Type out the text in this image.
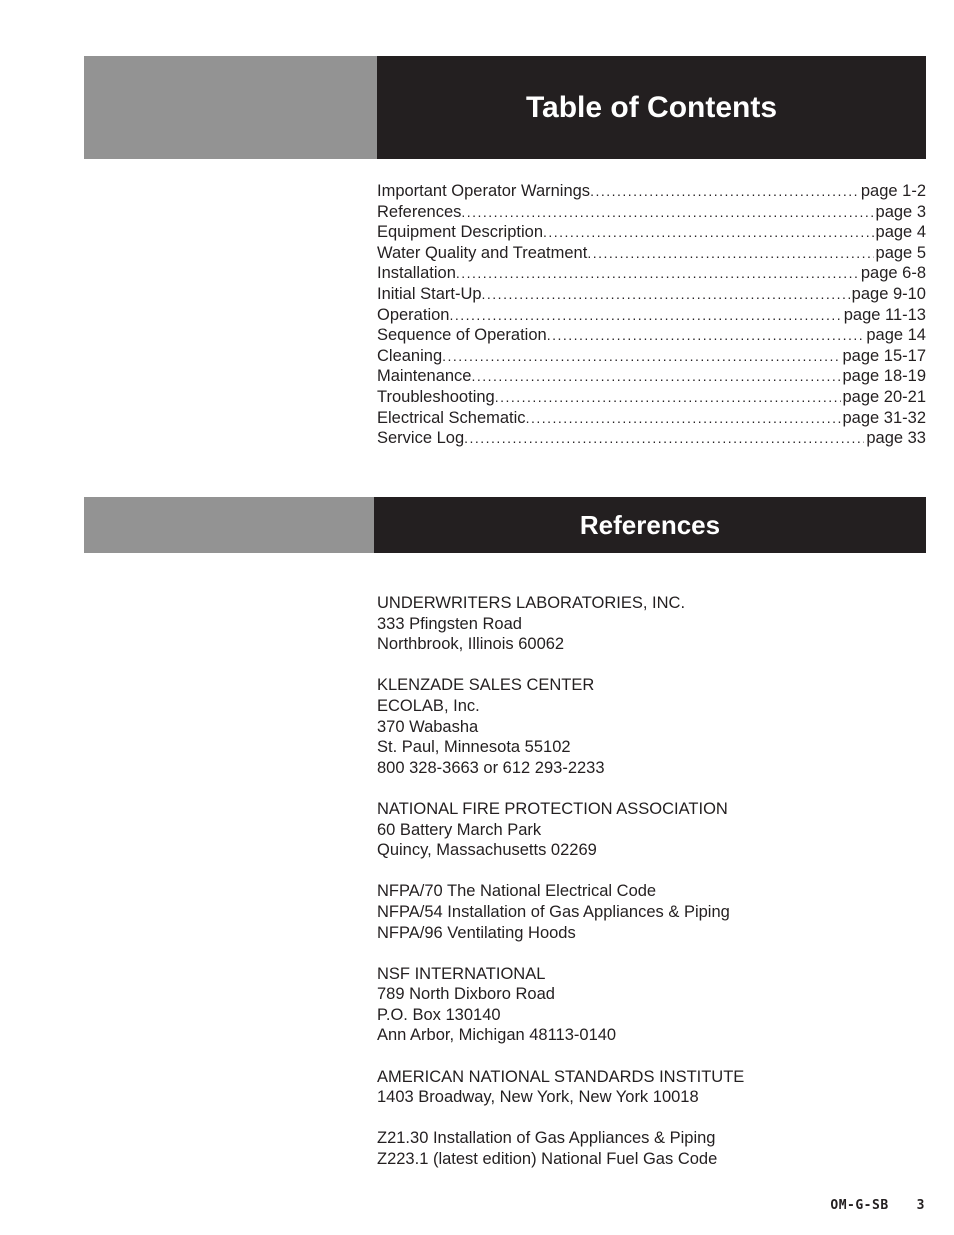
Table of Contents
Important Operator Warnings . . .	page 1-2
References . . .	page 3
Equipment Description . . .	page 4
Water Quality and Treatment . . .	page 5
Installation . . .	page 6-8
Initial Start-Up . . .	page 9-10
Operation . . .	page 11-13
Sequence of Operation . . .	page 14
Cleaning . . .	page 15-17
Maintenance . . .	page 18-19
Troubleshooting . . .	page 20-21
Electrical Schematic . . .	page 31-32
Service Log . . .	page 33
References
UNDERWRITERS LABORATORIES, INC.
333 Pfingsten Road
Northbrook, Illinois 60062
KLENZADE SALES CENTER
ECOLAB, Inc.
370 Wabasha
St. Paul, Minnesota 55102
800 328-3663 or 612 293-2233
NATIONAL FIRE PROTECTION ASSOCIATION
60 Battery March Park
Quincy, Massachusetts 02269
NFPA/70 The National Electrical Code
NFPA/54 Installation of Gas Appliances & Piping
NFPA/96 Ventilating Hoods
NSF INTERNATIONAL
789 North Dixboro Road
P.O. Box 130140
Ann Arbor, Michigan 48113-0140
AMERICAN NATIONAL STANDARDS INSTITUTE
1403 Broadway, New York, New York 10018
Z21.30 Installation of Gas Appliances & Piping
Z223.1 (latest edition) National Fuel Gas Code
OM-G-SB 3
